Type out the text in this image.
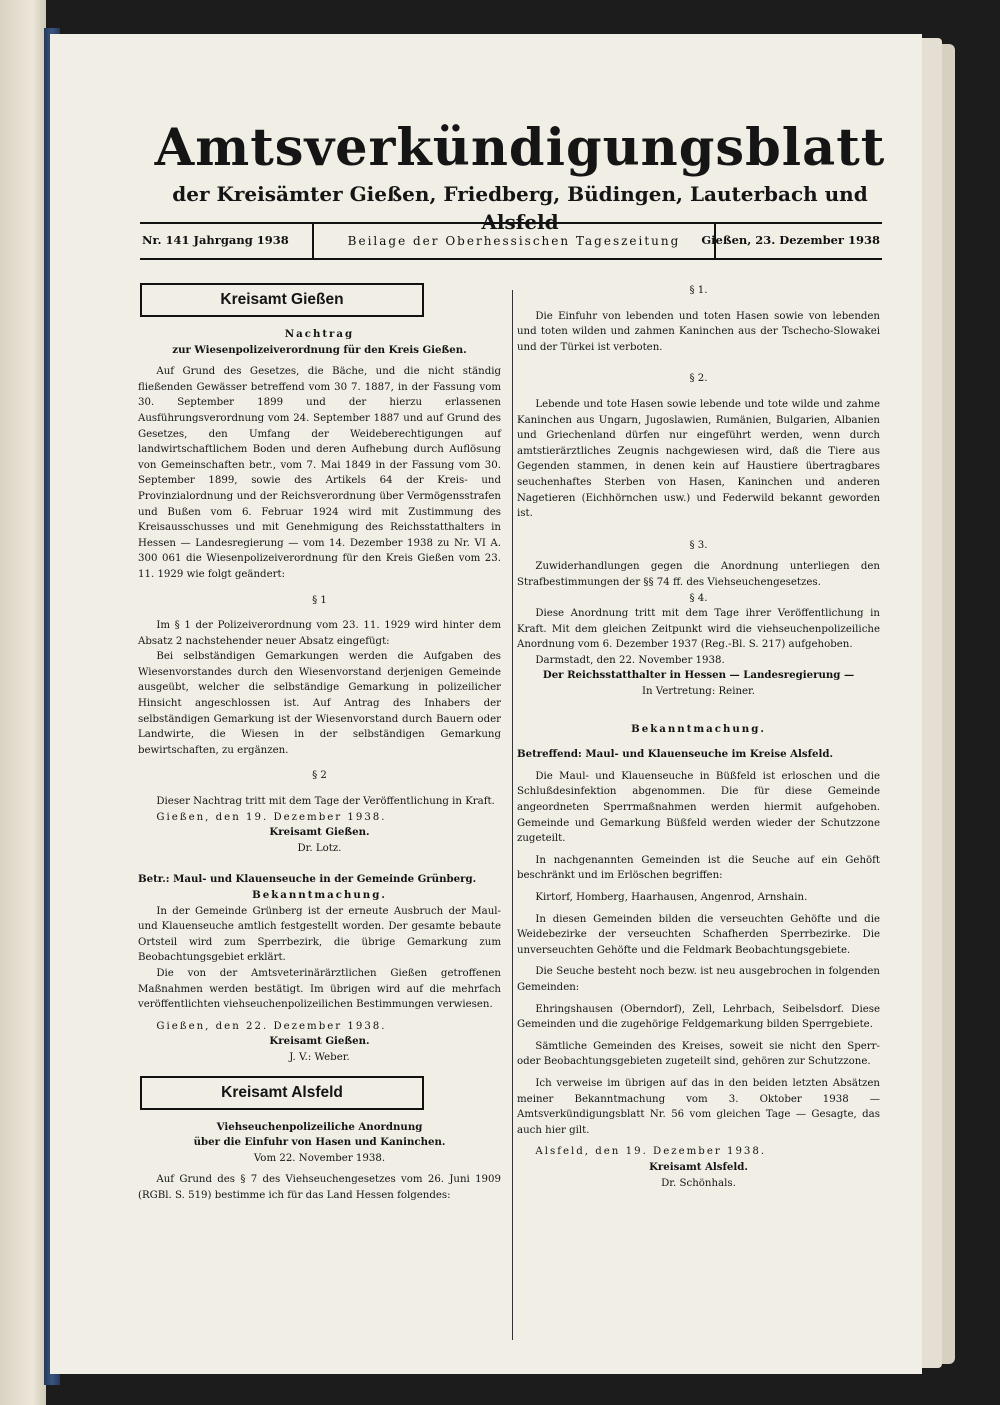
Amtsverkündigungsblatt
der Kreisämter Gießen, Friedberg, Büdingen, Lauterbach und Alsfeld
Nr. 141 Jahrgang 1938	Beilage der Oberhessischen Tageszeitung	Gießen, 23. Dezember 1938
Kreisamt Gießen

Nachtrag

zur Wiesenpolizeiverordnung für den Kreis Gießen.

Auf Grund des Gesetzes, die Bäche, und die nicht ständig fließenden Gewässer betreffend vom 30 7. 1887, in der Fassung vom 30. September 1899 und der hierzu erlassenen Ausführungsverordnung vom 24. September 1887 und auf Grund des Gesetzes, den Umfang der Weideberechtigungen auf landwirtschaftlichem Boden und deren Aufhebung durch Auflösung von Gemeinschaften betr., vom 7. Mai 1849 in der Fassung vom 30. September 1899, sowie des Artikels 64 der Kreis- und Provinzialordnung und der Reichsverordnung über Vermögensstrafen und Bußen vom 6. Februar 1924 wird mit Zustimmung des Kreisausschusses und mit Genehmigung des Reichsstatthalters in Hessen — Landesregierung — vom 14. Dezember 1938 zu Nr. VI A. 300 061 die Wiesenpolizeiverordnung für den Kreis Gießen vom 23. 11. 1929 wie folgt geändert:

§ 1

Im § 1 der Polizeiverordnung vom 23. 11. 1929 wird hinter dem Absatz 2 nachstehender neuer Absatz eingefügt:

Bei selbständigen Gemarkungen werden die Aufgaben des Wiesenvorstandes durch den Wiesenvorstand derjenigen Gemeinde ausgeübt, welcher die selbständige Gemarkung in polizeilicher Hinsicht angeschlossen ist. Auf Antrag des Inhabers der selbständigen Gemarkung ist der Wiesenvorstand durch Bauern oder Landwirte, die Wiesen in der selbständigen Gemarkung bewirtschaften, zu ergänzen.

§ 2

Dieser Nachtrag tritt mit dem Tage der Veröffentlichung in Kraft.

Gießen, den 19. Dezember 1938.

Kreisamt Gießen.

Dr. Lotz.

Betr.: Maul- und Klauenseuche in der Gemeinde Grünberg.

Bekanntmachung.

In der Gemeinde Grünberg ist der erneute Ausbruch der Maul- und Klauenseuche amtlich festgestellt worden. Der gesamte bebaute Ortsteil wird zum Sperrbezirk, die übrige Gemarkung zum Beobachtungsgebiet erklärt.

Die von der Amtsveterinärärztlichen Gießen getroffenen Maßnahmen werden bestätigt. Im übrigen wird auf die mehrfach veröffentlichten viehseuchenpolizeilichen Bestimmungen verwiesen.

Gießen, den 22. Dezember 1938.

Kreisamt Gießen.

J. V.: Weber.

Kreisamt Alsfeld

Viehseuchenpolizeiliche Anordnung

über die Einfuhr von Hasen und Kaninchen.

Vom 22. November 1938.

Auf Grund des § 7 des Viehseuchengesetzes vom 26. Juni 1909 (RGBl. S. 519) bestimme ich für das Land Hessen folgendes:

§ 1.

Die Einfuhr von lebenden und toten Hasen sowie von lebenden und toten wilden und zahmen Kaninchen aus der Tschecho-Slowakei und der Türkei ist verboten.

§ 2.

Lebende und tote Hasen sowie lebende und tote wilde und zahme Kaninchen aus Ungarn, Jugoslawien, Rumänien, Bulgarien, Albanien und Griechenland dürfen nur eingeführt werden, wenn durch amtstierärztliches Zeugnis nachgewiesen wird, daß die Tiere aus Gegenden stammen, in denen kein auf Haustiere übertragbares seuchenhaftes Sterben von Hasen, Kaninchen und anderen Nagetieren (Eichhörnchen usw.) und Federwild bekannt geworden ist.

§ 3.

Zuwiderhandlungen gegen die Anordnung unterliegen den Strafbestimmungen der §§ 74 ff. des Viehseuchengesetzes.

§ 4.

Diese Anordnung tritt mit dem Tage ihrer Veröffentlichung in Kraft. Mit dem gleichen Zeitpunkt wird die viehseuchenpolizeiliche Anordnung vom 6. Dezember 1937 (Reg.-Bl. S. 217) aufgehoben.

Darmstadt, den 22. November 1938.

Der Reichsstatthalter in Hessen — Landesregierung —

In Vertretung: Reiner.

Bekanntmachung.

Betreffend: Maul- und Klauenseuche im Kreise Alsfeld.

Die Maul- und Klauenseuche in Büßfeld ist erloschen und die Schlußdesinfektion abgenommen. Die für diese Gemeinde angeordneten Sperrmaßnahmen werden hiermit aufgehoben. Gemeinde und Gemarkung Büßfeld werden wieder der Schutzzone zugeteilt.

In nachgenannten Gemeinden ist die Seuche auf ein Gehöft beschränkt und im Erlöschen begriffen:

Kirtorf, Homberg, Haarhausen, Angenrod, Arnshain.

In diesen Gemeinden bilden die verseuchten Gehöfte und die Weidebezirke der verseuchten Schafherden Sperrbezirke. Die unverseuchten Gehöfte und die Feldmark Beobachtungsgebiete.

Die Seuche besteht noch bezw. ist neu ausgebrochen in folgenden Gemeinden:

Ehringshausen (Oberndorf), Zell, Lehrbach, Seibelsdorf. Diese Gemeinden und die zugehörige Feldgemarkung bilden Sperrgebiete.

Sämtliche Gemeinden des Kreises, soweit sie nicht den Sperr- oder Beobachtungsgebieten zugeteilt sind, gehören zur Schutzzone.

Ich verweise im übrigen auf das in den beiden letzten Absätzen meiner Bekanntmachung vom 3. Oktober 1938 — Amtsverkündigungsblatt Nr. 56 vom gleichen Tage — Gesagte, das auch hier gilt.

Alsfeld, den 19. Dezember 1938.

Kreisamt Alsfeld.

Dr. Schönhals.
